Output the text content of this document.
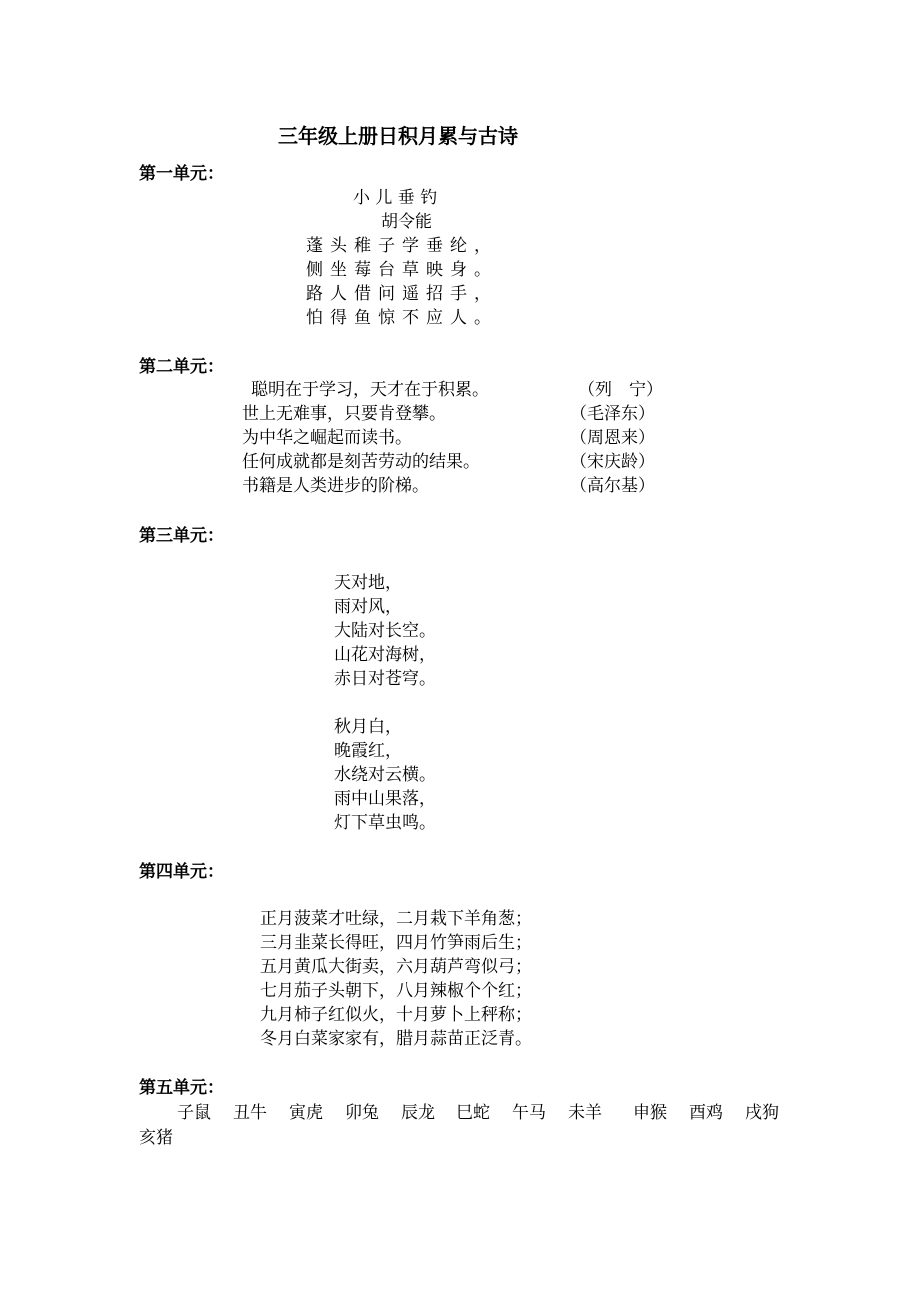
三年级上册日积月累与古诗
第一单元：
小 儿 垂 钓
胡令能
蓬头稚子学垂纶，
侧坐莓台草映身。
路人借问遥招手，
怕得鱼惊不应人。
第二单元：
聪明在于学习，天才在于积累。	（列　宁）
世上无难事，只要肯登攀。	（毛泽东）
为中华之崛起而读书。	（周恩来）
任何成就都是刻苦劳动的结果。	（宋庆龄）
书籍是人类进步的阶梯。	（高尔基）
第三单元：
天对地，
雨对风，
大陆对长空。
山花对海树，
赤日对苍穹。
秋月白，
晚霞红，
水绕对云横。
雨中山果落，
灯下草虫鸣。
第四单元：
正月菠菜才吐绿，二月栽下羊角葱；
三月韭菜长得旺，四月竹笋雨后生；
五月黄瓜大街卖，六月葫芦弯似弓；
七月茄子头朝下，八月辣椒个个红；
九月柿子红似火，十月萝卜上秤称；
冬月白菜家家有，腊月蒜苗正泛青。
第五单元：
子鼠 丑牛 寅虎 卯兔 辰龙 巳蛇 午马 未羊 申猴 酉鸡 戌狗
亥猪
